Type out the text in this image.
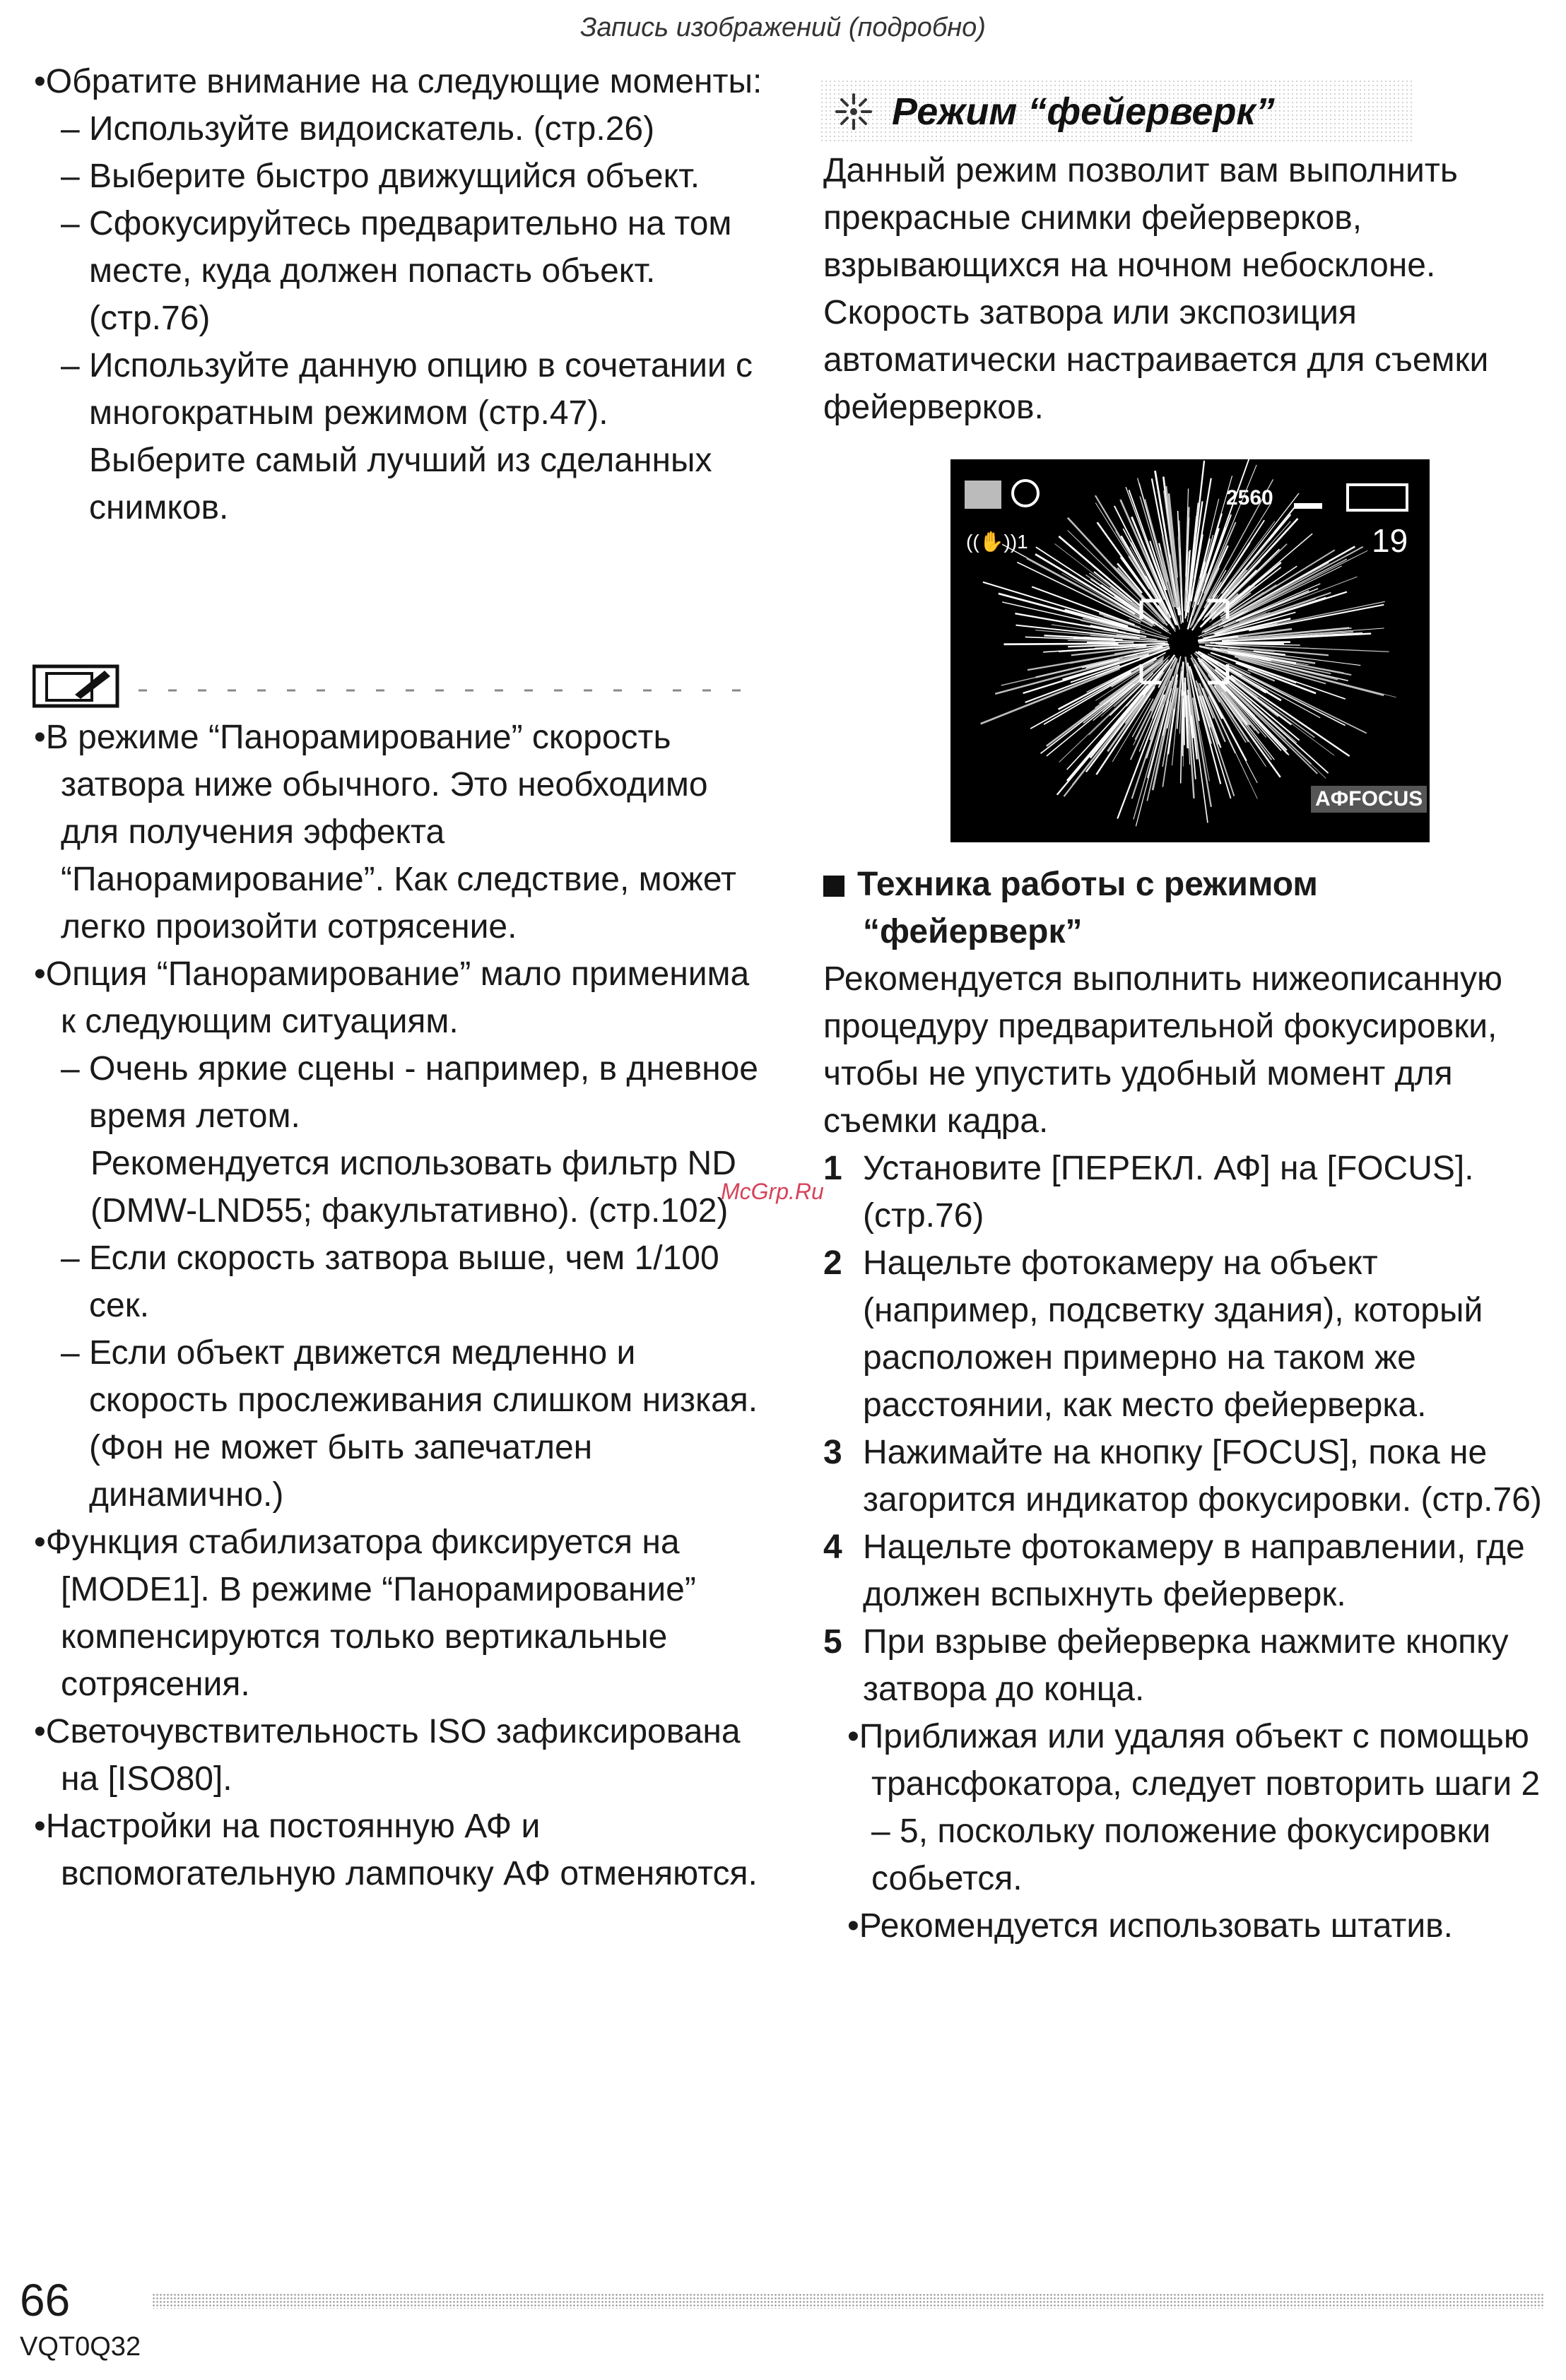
Запись изображений (подробно)

•Обратите внимание на следующие моменты:

– Используйте видоискатель. (стр.26)

– Выберите быстро движущийся объект.

– Сфокусируйтесь предварительно на том месте, куда должен попасть объект. (стр.76)

– Используйте данную опцию в сочетании с многократным режимом (стр.47). Выберите самый лучший из сделанных снимков.

•В режиме “Панорамирование” скорость затвора ниже обычного. Это необходимо для получения эффекта “Панорамирование”. Как следствие, может легко произойти сотрясение.

•Опция “Панорамирование” мало применима к следующим ситуациям.

– Очень яркие сцены - например, в дневное время летом.

Рекомендуется использовать фильтр ND (DMW-LND55; факультативно). (стр.102)

– Если скорость затвора выше, чем 1/100 сек.

– Если объект движется медленно и скорость прослеживания слишком низкая. (Фон не может быть запечатлен динамично.)

•Функция стабилизатора фиксируется на [MODE1]. В режиме “Панорамирование” компенсируются только вертикальные сотрясения.

•Светочувствительность ISO зафиксирована на [ISO80].

•Настройки на постоянную АФ и вспомогательную лампочку АФ отменяются.

Режим “фейерверк”

Данный режим позволит вам выполнить прекрасные снимки фейерверков, взрывающихся на ночном небосклоне. Скорость затвора или экспозиция автоматически настраивается для съемки фейерверков.

2560
((✋))1	19
AФFOCUS
Техника работы с режимом
“фейерверк”

Рекомендуется выполнить нижеописанную процедуру предварительной фокусировки, чтобы не упустить удобный момент для съемки кадра.

1 Установите [ПЕРЕКЛ. АФ] на [FOCUS]. (стр.76)

2 Нацельте фотокамеру на объект (например, подсветку здания), который расположен примерно на таком же расстоянии, как место фейерверка.

3 Нажимайте на кнопку [FOCUS], пока не загорится индикатор фокусировки. (стр.76)

4 Нацельте фотокамеру в направлении, где должен вспыхнуть фейерверк.

5 При взрыве фейерверка нажмите кнопку затвора до конца.

•Приближая или удаляя объект с помощью трансфокатора, следует повторить шаги 2 – 5, поскольку положение фокусировки собьется.

•Рекомендуется использовать штатив.

McGrp.Ru
66
VQT0Q32
